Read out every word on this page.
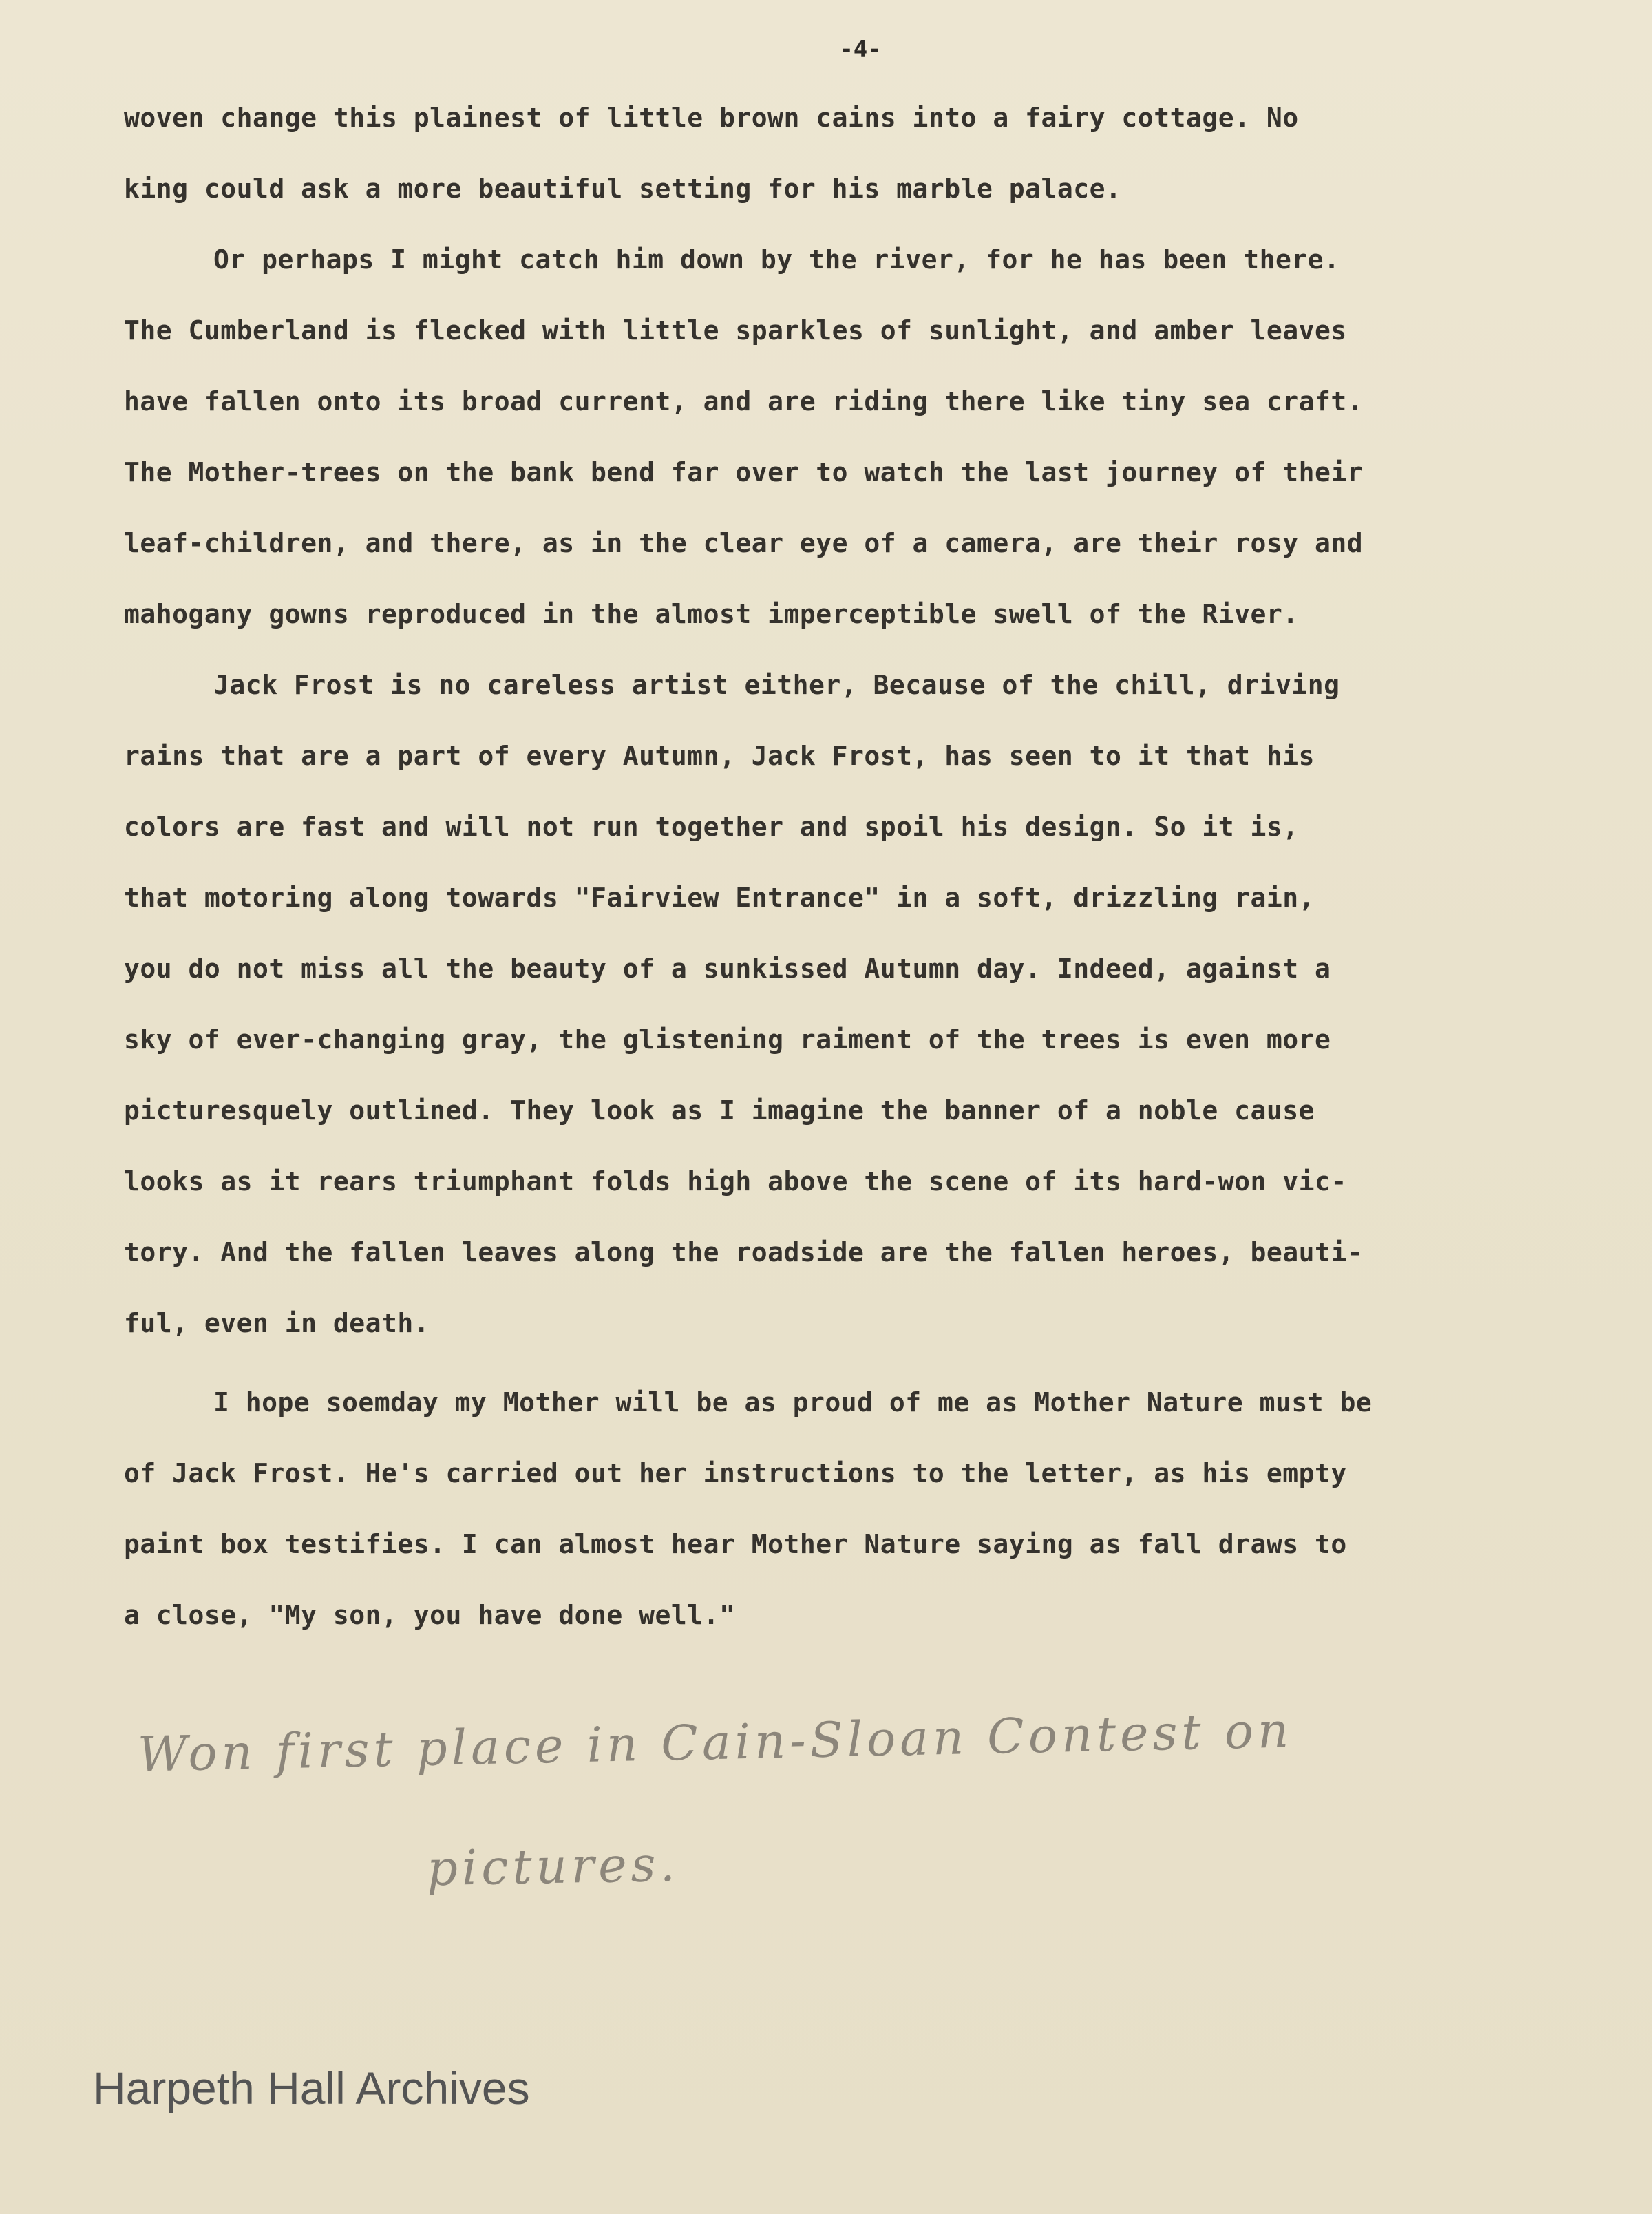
-4-
woven change this plainest of little brown cains into a fairy cottage. No
king could ask a more beautiful setting for his marble palace.
Or perhaps I might catch him down by the river, for he has been there.
The Cumberland is flecked with little sparkles of sunlight, and amber leaves
have fallen onto its broad current, and are riding there like tiny sea craft.
The Mother-trees on the bank bend far over to watch the last journey of their
leaf-children, and there, as in the clear eye of a camera, are their rosy and
mahogany gowns reproduced in the almost imperceptible swell of the River.
Jack Frost is no careless artist either, Because of the chill, driving
rains that are a part of every Autumn, Jack Frost, has seen to it that his
colors are fast and will not run together and spoil his design. So it is,
that motoring along towards "Fairview Entrance" in a soft, drizzling rain,
you do not miss all the beauty of a sunkissed Autumn day. Indeed, against a
sky of ever-changing gray, the glistening raiment of the trees is even more
picturesquely outlined. They look as I imagine the banner of a noble cause
looks as it rears triumphant folds high above the scene of its hard-won vic-
tory. And the fallen leaves along the roadside are the fallen heroes, beauti-
ful, even in death.
I hope soemday my Mother will be as proud of me as Mother Nature must be
of Jack Frost. He's carried out her instructions to the letter, as his empty
paint box testifies. I can almost hear Mother Nature saying as fall draws to
a close, "My son, you have done well."
Won first place in Cain-Sloan Contest on
pictures.
Harpeth Hall Archives
